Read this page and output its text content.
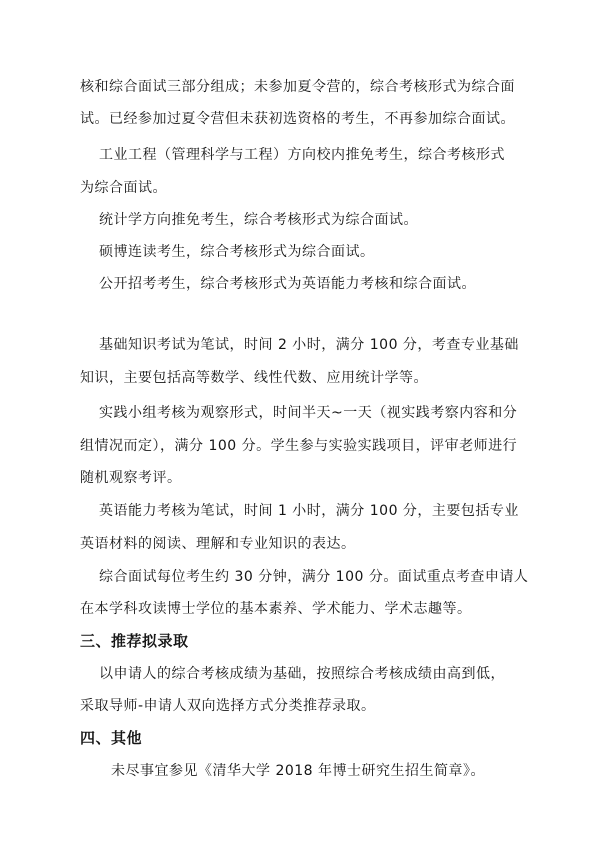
核和综合面试三部分组成；未参加夏令营的，综合考核形式为综合面
试。已经参加过夏令营但未获初选资格的考生，不再参加综合面试。
工业工程（管理科学与工程）方向校内推免考生，综合考核形式
为综合面试。
统计学方向推免考生，综合考核形式为综合面试。
硕博连读考生，综合考核形式为综合面试。
公开招考考生，综合考核形式为英语能力考核和综合面试。
基础知识考试为笔试，时间 2 小时，满分 100 分，考查专业基础
知识，主要包括高等数学、线性代数、应用统计学等。
实践小组考核为观察形式，时间半天~一天（视实践考察内容和分
组情况而定），满分 100 分。学生参与实验实践项目，评审老师进行
随机观察考评。
英语能力考核为笔试，时间 1 小时，满分 100 分，主要包括专业
英语材料的阅读、理解和专业知识的表达。
综合面试每位考生约 30 分钟，满分 100 分。面试重点考查申请人
在本学科攻读博士学位的基本素养、学术能力、学术志趣等。
三、推荐拟录取
以申请人的综合考核成绩为基础，按照综合考核成绩由高到低，
采取导师-申请人双向选择方式分类推荐录取。
四、其他
未尽事宜参见《清华大学 2018 年博士研究生招生简章》。
